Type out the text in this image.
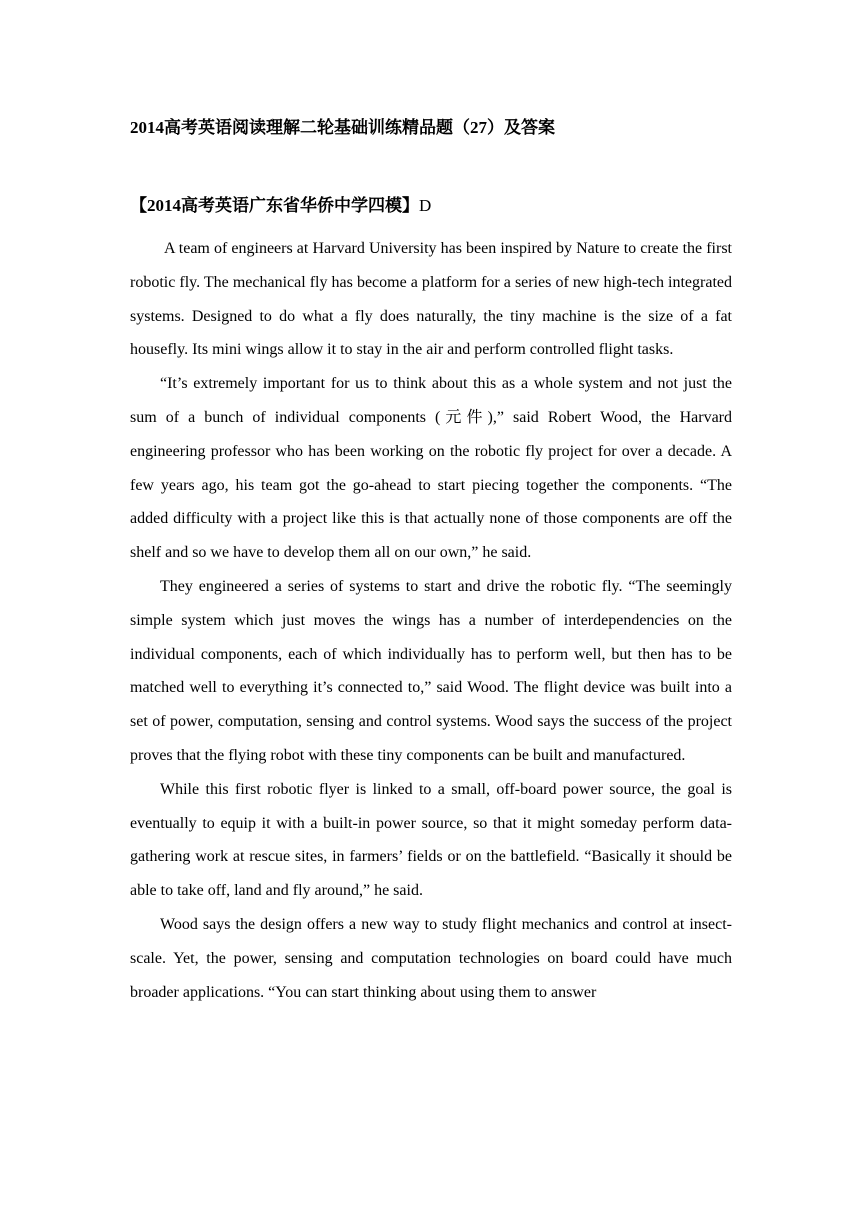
2014高考英语阅读理解二轮基础训练精品题（27）及答案
【2014高考英语广东省华侨中学四模】D

A team of engineers at Harvard University has been inspired by Nature to create the first robotic fly. The mechanical fly has become a platform for a series of new high-tech integrated systems. Designed to do what a fly does naturally, the tiny machine is the size of a fat housefly. Its mini wings allow it to stay in the air and perform controlled flight tasks.

“It’s extremely important for us to think about this as a whole system and not just the sum of a bunch of individual components (元件),” said Robert Wood, the Harvard engineering professor who has been working on the robotic fly project for over a decade. A few years ago, his team got the go-ahead to start piecing together the components. “The added difficulty with a project like this is that actually none of those components are off the shelf and so we have to develop them all on our own,” he said.

They engineered a series of systems to start and drive the robotic fly. “The seemingly simple system which just moves the wings has a number of interdependencies on the individual components, each of which individually has to perform well, but then has to be matched well to everything it’s connected to,” said Wood. The flight device was built into a set of power, computation, sensing and control systems. Wood says the success of the project proves that the flying robot with these tiny components can be built and manufactured.

While this first robotic flyer is linked to a small, off-board power source, the goal is eventually to equip it with a built-in power source, so that it might someday perform data-gathering work at rescue sites, in farmers’ fields or on the battlefield. “Basically it should be able to take off, land and fly around,” he said.

Wood says the design offers a new way to study flight mechanics and control at insect-scale. Yet, the power, sensing and computation technologies on board could have much broader applications. “You can start thinking about using them to answer
